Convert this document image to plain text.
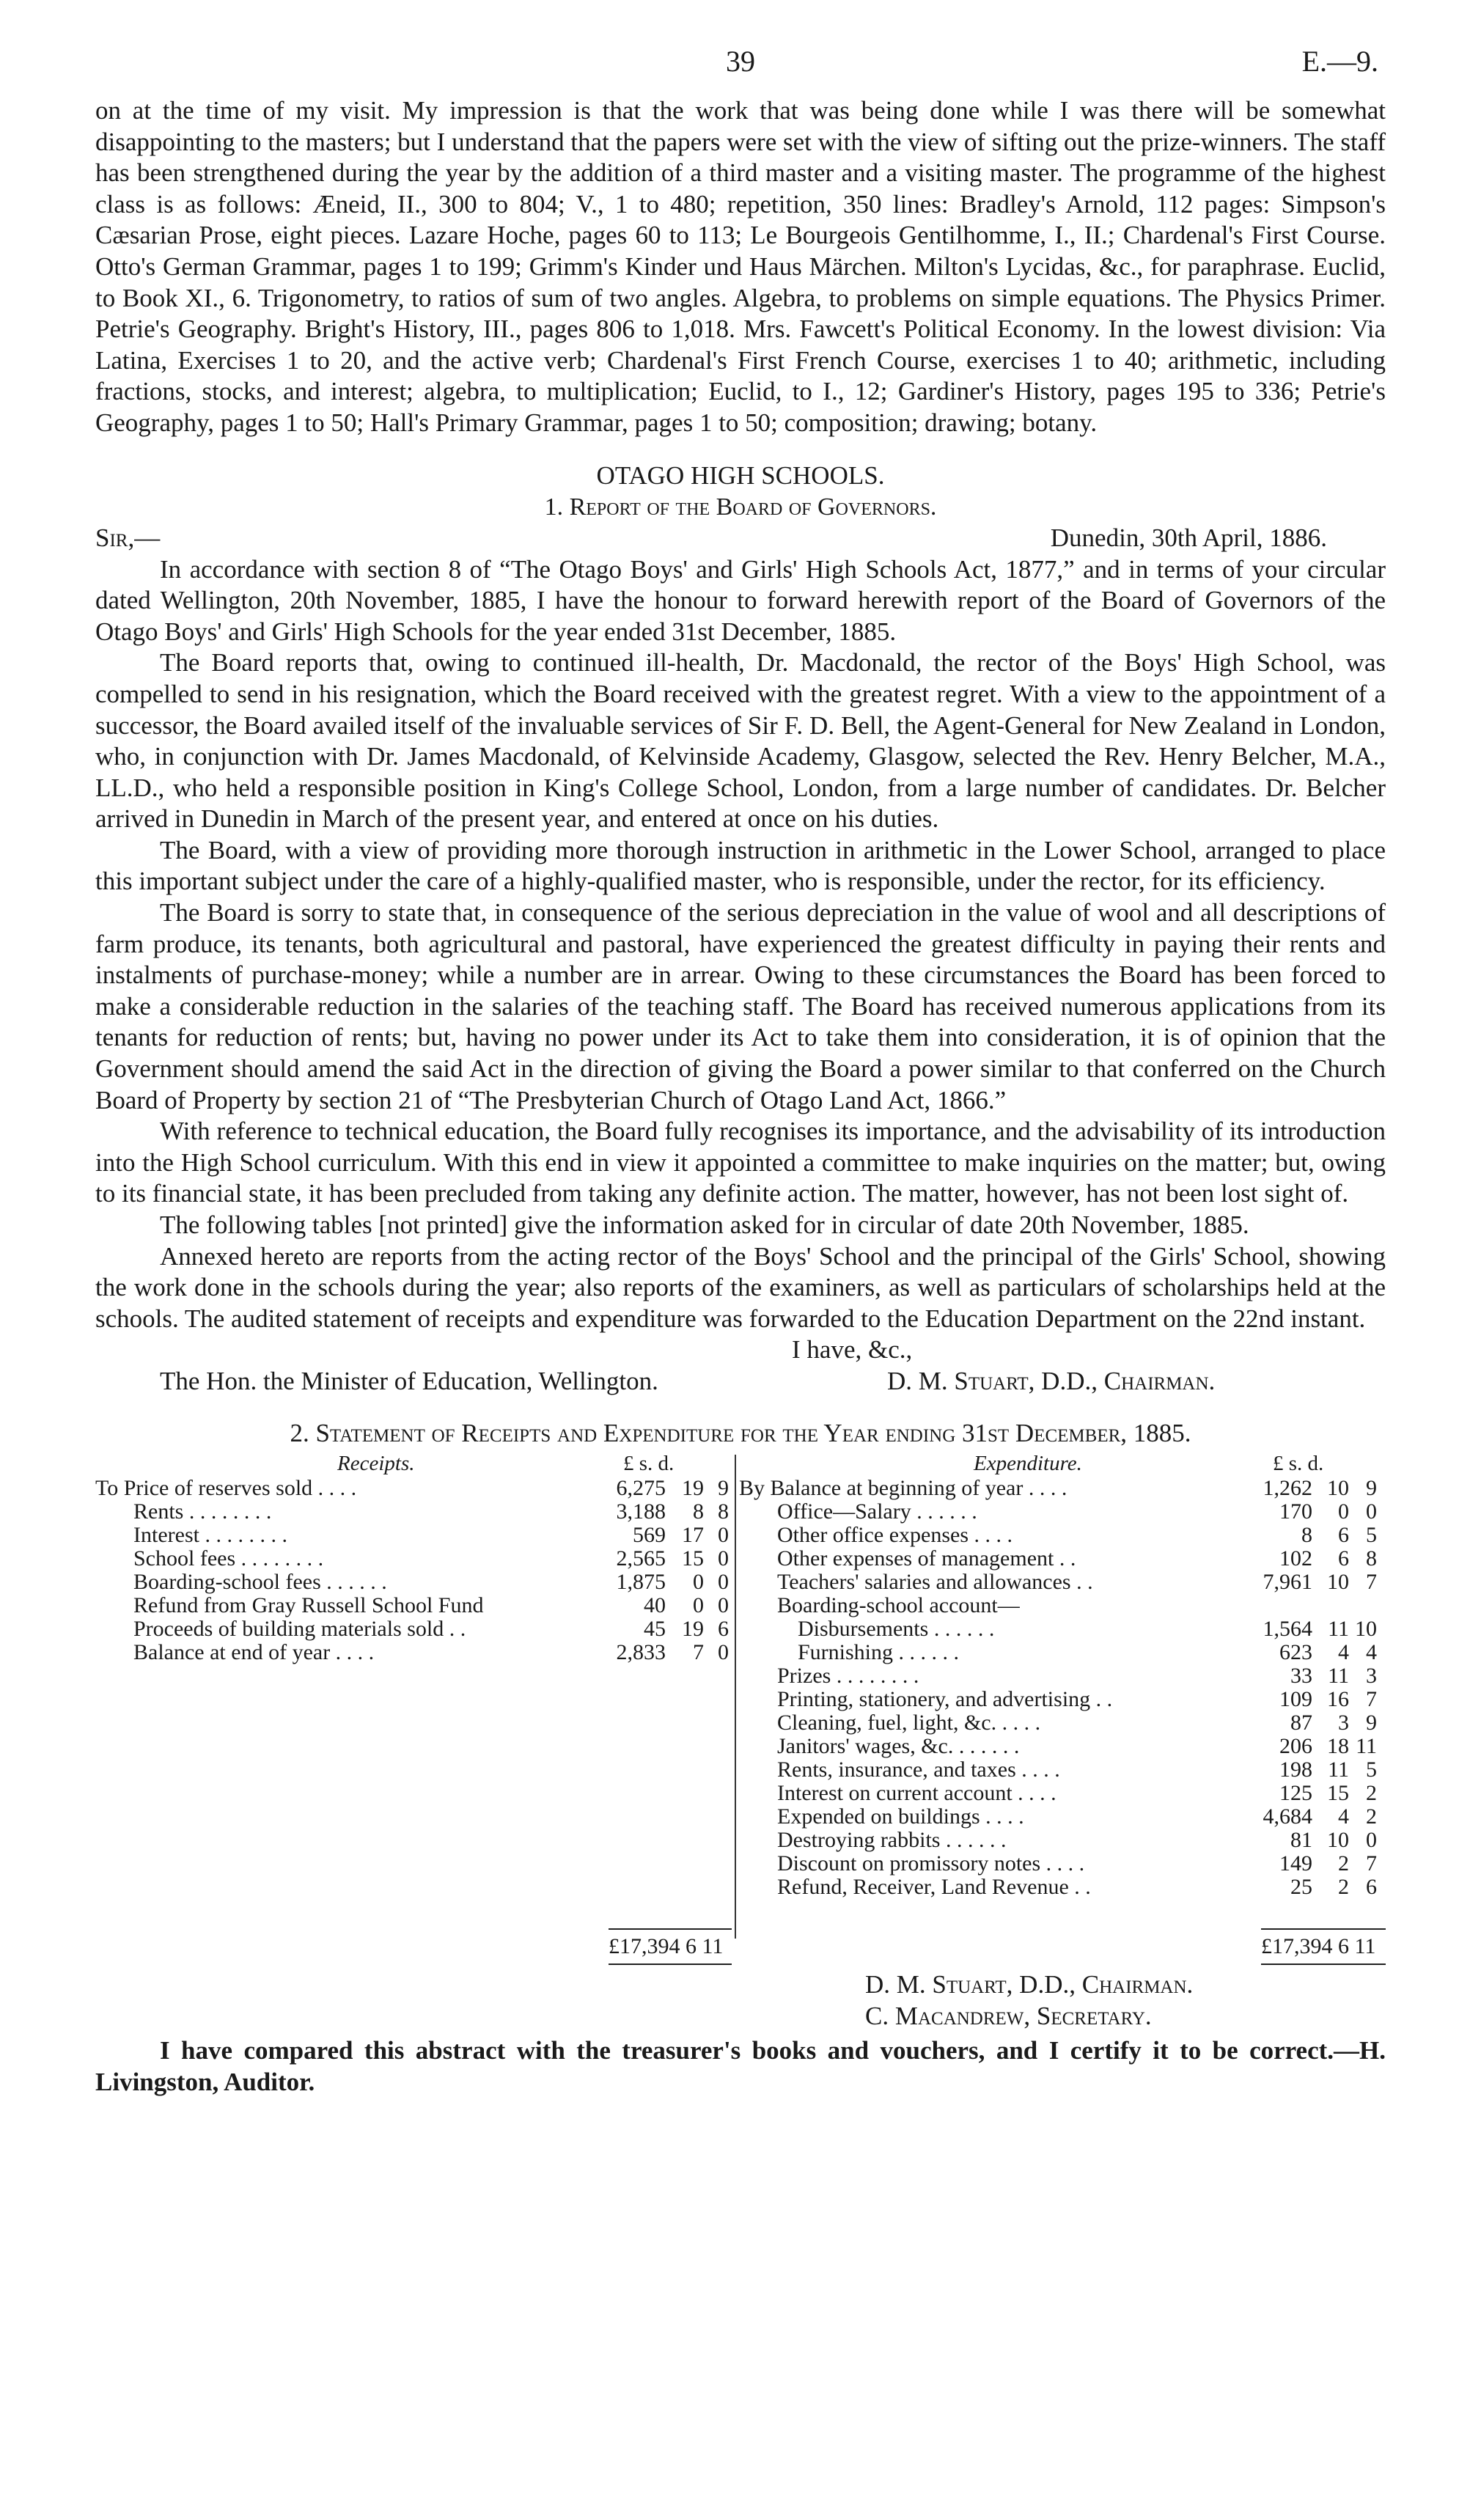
39	E.—9.

on at the time of my visit. My impression is that the work that was being done while I was there will be somewhat disappointing to the masters; but I understand that the papers were set with the view of sifting out the prize-winners. The staff has been strengthened during the year by the addition of a third master and a visiting master. The programme of the highest class is as follows: Æneid, II., 300 to 804; V., 1 to 480; repetition, 350 lines: Bradley's Arnold, 112 pages: Simpson's Cæsarian Prose, eight pieces. Lazare Hoche, pages 60 to 113; Le Bourgeois Gentilhomme, I., II.; Chardenal's First Course. Otto's German Grammar, pages 1 to 199; Grimm's Kinder und Haus Märchen. Milton's Lycidas, &c., for paraphrase. Euclid, to Book XI., 6. Trigonometry, to ratios of sum of two angles. Algebra, to problems on simple equations. The Physics Primer. Petrie's Geography. Bright's History, III., pages 806 to 1,018. Mrs. Fawcett's Political Economy. In the lowest division: Via Latina, Exercises 1 to 20, and the active verb; Chardenal's First French Course, exercises 1 to 40; arithmetic, including fractions, stocks, and interest; algebra, to multiplication; Euclid, to I., 12; Gardiner's History, pages 195 to 336; Petrie's Geography, pages 1 to 50; Hall's Primary Grammar, pages 1 to 50; composition; drawing; botany.

OTAGO HIGH SCHOOLS.
1. Report of the Board of Governors.
Sir,—	Dunedin, 30th April, 1886.

In accordance with section 8 of “The Otago Boys' and Girls' High Schools Act, 1877,” and in terms of your circular dated Wellington, 20th November, 1885, I have the honour to forward herewith report of the Board of Governors of the Otago Boys' and Girls' High Schools for the year ended 31st December, 1885.

The Board reports that, owing to continued ill-health, Dr. Macdonald, the rector of the Boys' High School, was compelled to send in his resignation, which the Board received with the greatest regret. With a view to the appointment of a successor, the Board availed itself of the invaluable services of Sir F. D. Bell, the Agent-General for New Zealand in London, who, in conjunction with Dr. James Macdonald, of Kelvinside Academy, Glasgow, selected the Rev. Henry Belcher, M.A., LL.D., who held a responsible position in King's College School, London, from a large number of candidates. Dr. Belcher arrived in Dunedin in March of the present year, and entered at once on his duties.

The Board, with a view of providing more thorough instruction in arithmetic in the Lower School, arranged to place this important subject under the care of a highly-qualified master, who is responsible, under the rector, for its efficiency.

The Board is sorry to state that, in consequence of the serious depreciation in the value of wool and all descriptions of farm produce, its tenants, both agricultural and pastoral, have experienced the greatest difficulty in paying their rents and instalments of purchase-money; while a number are in arrear. Owing to these circumstances the Board has been forced to make a considerable reduction in the salaries of the teaching staff. The Board has received numerous applications from its tenants for reduction of rents; but, having no power under its Act to take them into consideration, it is of opinion that the Government should amend the said Act in the direction of giving the Board a power similar to that conferred on the Church Board of Property by section 21 of “The Presbyterian Church of Otago Land Act, 1866.”

With reference to technical education, the Board fully recognises its importance, and the advisability of its introduction into the High School curriculum. With this end in view it appointed a committee to make inquiries on the matter; but, owing to its financial state, it has been precluded from taking any definite action. The matter, however, has not been lost sight of.

The following tables [not printed] give the information asked for in circular of date 20th November, 1885.

Annexed hereto are reports from the acting rector of the Boys' School and the principal of the Girls' School, showing the work done in the schools during the year; also reports of the examiners, as well as particulars of scholarships held at the schools. The audited statement of receipts and expenditure was forwarded to the Education Department on the 22nd instant.

I have, &c.,

The Hon. the Minister of Education, Wellington.	D. M. Stuart, D.D., Chairman.
2. Statement of Receipts and Expenditure for the Year ending 31st December, 1885.
Receipts.	£ s. d.
To Price of reserves sold . . . .	6,275 19 9
Rents . . . . . . . .	3,188	8 8
Interest . . . . . . . .	569 17 0
School fees . . . . . . . .	2,565 15 0
Boarding-school fees . . . . . .	1,875	0 0
Refund from Gray Russell School Fund	40	0 0
Proceeds of building materials sold . .	45 19 6
Balance at end of year . . . .	2,833	7 0
£17,394 6 11
Expenditure.	£ s. d.
By Balance at beginning of year . . . .	1,262 10 9
Office—Salary . . . . . .	170	0 0
Other office expenses . . . .	8	6 5
Other expenses of management . .	102	6 8
Teachers' salaries and allowances . .	7,961 10 7
Boarding-school account—
Disbursements . . . . . .	1,564 11 10
Furnishing . . . . . .	623	4 4
Prizes . . . . . . . .	33 11 3
Printing, stationery, and advertising . .	109 16 7
Cleaning, fuel, light, &c. . . . .	87	3 9
Janitors' wages, &c. . . . . . .	206 18 11
Rents, insurance, and taxes . . . .	198 11 5
Interest on current account . . . .	125 15 2
Expended on buildings . . . .	4,684	4 2
Destroying rabbits . . . . . .	81 10 0
Discount on promissory notes . . . .	149	2 7
Refund, Receiver, Land Revenue . .	25	2 6
£17,394 6 11
D. M. Stuart, D.D., Chairman.
C. Macandrew, Secretary.
I have compared this abstract with the treasurer's books and vouchers, and I certify it to be correct.—H. Livingston, Auditor.
